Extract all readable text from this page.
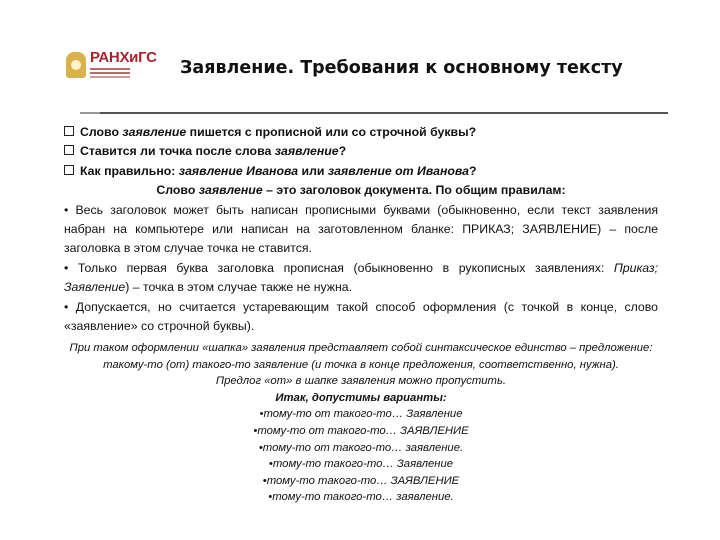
РАНХиГС
Заявление. Требования к основному тексту
Слово заявление пишется с прописной или со строчной буквы?
Ставится ли точка после слова заявление?
Как правильно: заявление Иванова или заявление от Иванова?
Слово заявление – это заголовок документа. По общим правилам:
• Весь заголовок может быть написан прописными буквами (обыкновенно, если текст заявления набран на компьютере или написан на заготовленном бланке: ПРИКАЗ; ЗАЯВЛЕНИЕ) – после заголовка в этом случае точка не ставится.
• Только первая буква заголовка прописная (обыкновенно в рукописных заявлениях: Приказ; Заявление) – точка в этом случае также не нужна.
• Допускается, но считается устаревающим такой способ оформления (с точкой в конце, слово «заявление» со строчной буквы).
При таком оформлении «шапка» заявления представляет собой синтаксическое единство – предложение: такому-то (от) такого-то заявление (и точка в конце предложения, соответственно, нужна).
Предлог «от» в шапке заявления можно пропустить.
Итак, допустимы варианты:
•тому-то от такого-то… Заявление
•тому-то от такого-то… ЗАЯВЛЕНИЕ
•тому-то от такого-то… заявление.
•тому-то такого-то… Заявление
•тому-то такого-то… ЗАЯВЛЕНИЕ
•тому-то такого-то… заявление.
